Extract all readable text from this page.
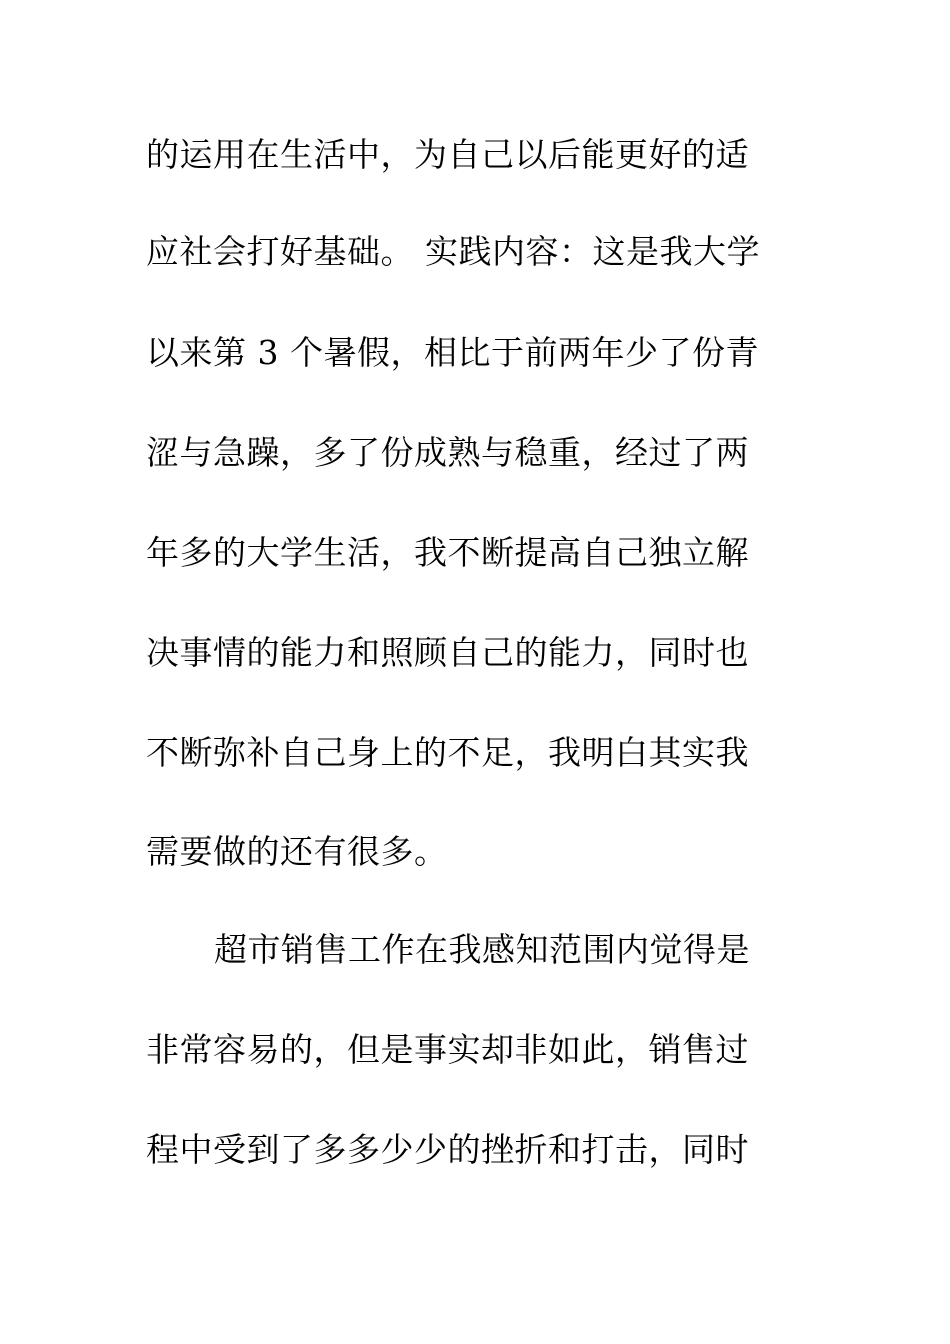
的运用在生活中，为自己以后能更好的适
应社会打好基础。 实践内容：这是我大学
以来第 3 个暑假，相比于前两年少了份青
涩与急躁，多了份成熟与稳重，经过了两
年多的大学生活，我不断提高自己独立解
决事情的能力和照顾自己的能力，同时也
不断弥补自己身上的不足，我明白其实我
需要做的还有很多。
超市销售工作在我感知范围内觉得是
非常容易的，但是事实却非如此，销售过
程中受到了多多少少的挫折和打击，同时
